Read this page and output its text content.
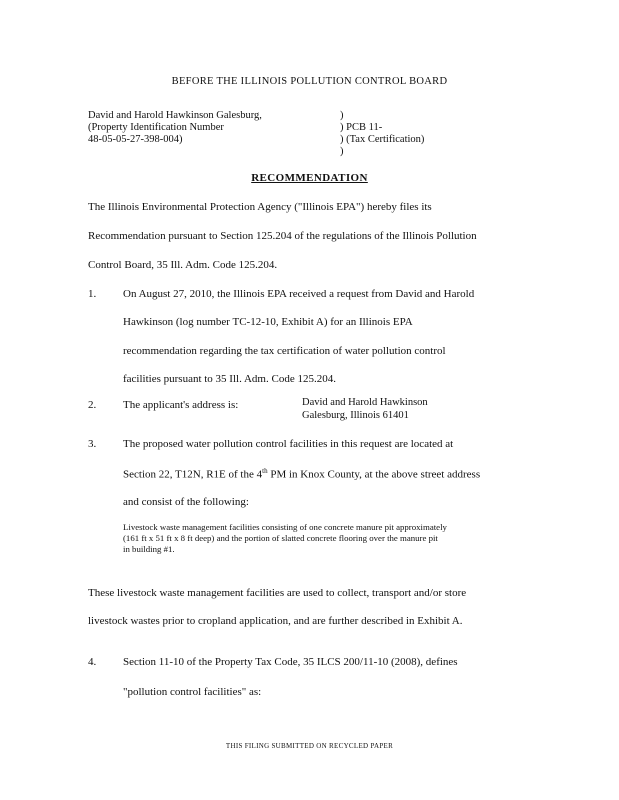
BEFORE THE ILLINOIS POLLUTION CONTROL BOARD
David and Harold Hawkinson Galesburg,
(Property Identification Number
48-05-05-27-398-004)
)
) PCB 11-
) (Tax Certification)
)
RECOMMENDATION
The Illinois Environmental Protection Agency ("Illinois EPA") hereby files its
Recommendation pursuant to Section 125.204 of the regulations of the Illinois Pollution
Control Board, 35 Ill. Adm. Code 125.204.
1. On August 27, 2010, the Illinois EPA received a request from David and Harold
Hawkinson (log number TC-12-10, Exhibit A) for an Illinois EPA
recommendation regarding the tax certification of water pollution control
facilities pursuant to 35 Ill. Adm. Code 125.204.
2. The applicant's address is:	David and Harold Hawkinson
Galesburg, Illinois 61401
3. The proposed water pollution control facilities in this request are located at
Section 22, T12N, R1E of the 4th PM in Knox County, at the above street address
and consist of the following:
Livestock waste management facilities consisting of one concrete manure pit approximately
(161 ft x 51 ft x 8 ft deep) and the portion of slatted concrete flooring over the manure pit
in building #1.
These livestock waste management facilities are used to collect, transport and/or store
livestock wastes prior to cropland application, and are further described in Exhibit A.
4. Section 11-10 of the Property Tax Code, 35 ILCS 200/11-10 (2008), defines
"pollution control facilities" as:
THIS FILING SUBMITTED ON RECYCLED PAPER
